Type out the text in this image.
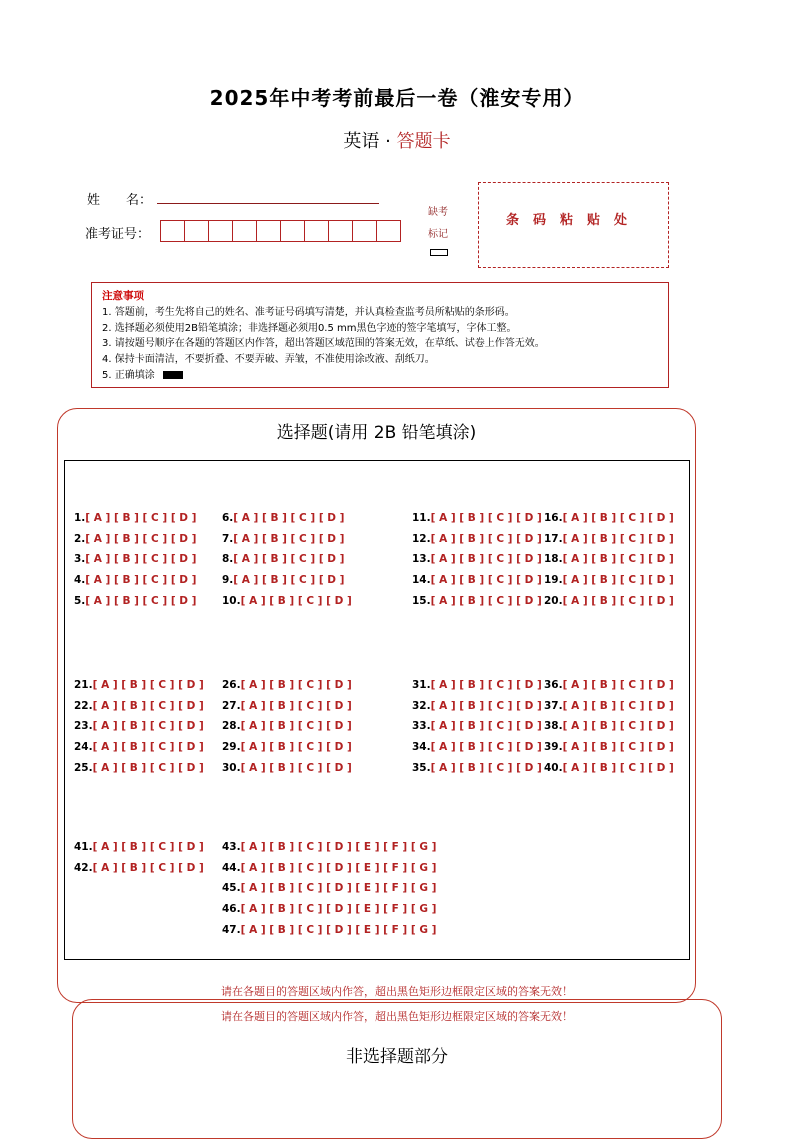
2025年中考考前最后一卷（淮安专用）
英语 · 答题卡
姓　　名：
准考证号：
缺考
标记
条码粘贴处
注意事项
1. 答题前，考生先将自己的姓名、准考证号码填写清楚，并认真检查监考员所粘贴的条形码。
2. 选择题必须使用2B铅笔填涂；非选择题必须用0.5 mm黑色字迹的签字笔填写，字体工整。
3. 请按题号顺序在各题的答题区内作答，超出答题区域范围的答案无效，在草纸、试卷上作答无效。
4. 保持卡面清洁，不要折叠、不要弄破、弄皱，不准使用涂改液、刮纸刀。
5. 正确填涂
选择题(请用 2B 铅笔填涂)
1.[ A ] [ B ] [ C ] [ D ]
2.[ A ] [ B ] [ C ] [ D ]
3.[ A ] [ B ] [ C ] [ D ]
4.[ A ] [ B ] [ C ] [ D ]
5.[ A ] [ B ] [ C ] [ D ]
6.[ A ] [ B ] [ C ] [ D ]
7.[ A ] [ B ] [ C ] [ D ]
8.[ A ] [ B ] [ C ] [ D ]
9.[ A ] [ B ] [ C ] [ D ]
10.[ A ] [ B ] [ C ] [ D ]
11.[ A ] [ B ] [ C ] [ D ]
12.[ A ] [ B ] [ C ] [ D ]
13.[ A ] [ B ] [ C ] [ D ]
14.[ A ] [ B ] [ C ] [ D ]
15.[ A ] [ B ] [ C ] [ D ]
16.[ A ] [ B ] [ C ] [ D ]
17.[ A ] [ B ] [ C ] [ D ]
18.[ A ] [ B ] [ C ] [ D ]
19.[ A ] [ B ] [ C ] [ D ]
20.[ A ] [ B ] [ C ] [ D ]
21.[ A ] [ B ] [ C ] [ D ]
22.[ A ] [ B ] [ C ] [ D ]
23.[ A ] [ B ] [ C ] [ D ]
24.[ A ] [ B ] [ C ] [ D ]
25.[ A ] [ B ] [ C ] [ D ]
26.[ A ] [ B ] [ C ] [ D ]
27.[ A ] [ B ] [ C ] [ D ]
28.[ A ] [ B ] [ C ] [ D ]
29.[ A ] [ B ] [ C ] [ D ]
30.[ A ] [ B ] [ C ] [ D ]
31.[ A ] [ B ] [ C ] [ D ]
32.[ A ] [ B ] [ C ] [ D ]
33.[ A ] [ B ] [ C ] [ D ]
34.[ A ] [ B ] [ C ] [ D ]
35.[ A ] [ B ] [ C ] [ D ]
36.[ A ] [ B ] [ C ] [ D ]
37.[ A ] [ B ] [ C ] [ D ]
38.[ A ] [ B ] [ C ] [ D ]
39.[ A ] [ B ] [ C ] [ D ]
40.[ A ] [ B ] [ C ] [ D ]
41.[ A ] [ B ] [ C ] [ D ]
42.[ A ] [ B ] [ C ] [ D ]
43.[ A ] [ B ] [ C ] [ D ] [ E ] [ F ] [ G ]
44.[ A ] [ B ] [ C ] [ D ] [ E ] [ F ] [ G ]
45.[ A ] [ B ] [ C ] [ D ] [ E ] [ F ] [ G ]
46.[ A ] [ B ] [ C ] [ D ] [ E ] [ F ] [ G ]
47.[ A ] [ B ] [ C ] [ D ] [ E ] [ F ] [ G ]
请在各题目的答题区域内作答，超出黑色矩形边框限定区域的答案无效！
请在各题目的答题区域内作答，超出黑色矩形边框限定区域的答案无效！
非选择题部分
